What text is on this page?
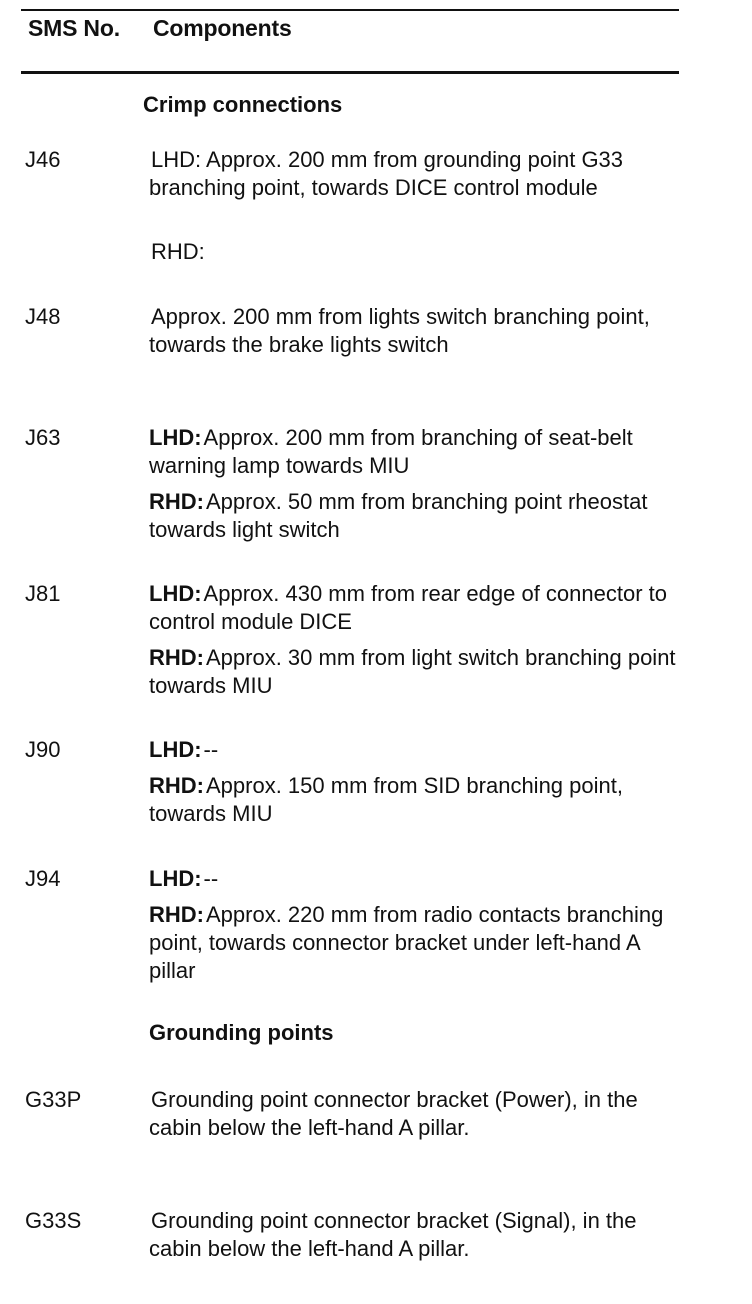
SMS No. Components
Crimp connections
J46	LHD: Approx. 200 mm from grounding point G33 branching point, towards DICE control module
RHD:
J48	Approx. 200 mm from lights switch branching point, towards the brake lights switch
J63	LHD:Approx. 200 mm from branching of seat-belt warning lamp towards MIU
RHD:Approx. 50 mm from branching point rheostat towards light switch
J81	LHD:Approx. 430 mm from rear edge of connector to control module DICE
RHD:Approx. 30 mm from light switch branching point towards MIU
J90	LHD:--
RHD:Approx. 150 mm from SID branching point, towards MIU
J94	LHD:--
RHD:Approx. 220 mm from radio contacts branching point, towards connector bracket under left-hand A pillar
Grounding points
G33P	Grounding point connector bracket (Power), in the cabin below the left-hand A pillar.
G33S	Grounding point connector bracket (Signal), in the cabin below the left-hand A pillar.
